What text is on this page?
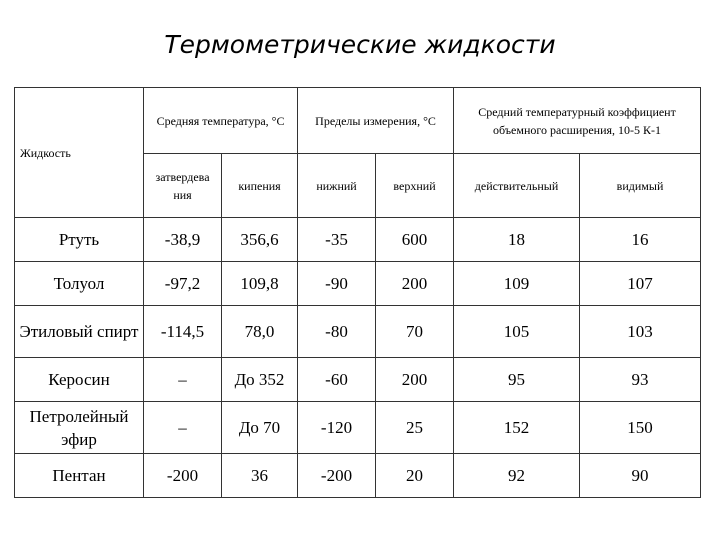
Термометрические жидкости
Жидкость	Средняя температура, °С		Пределы измерения, °С		Средний температурный коэффициент объемного расширения, 10-5 К-1	
	затвердева ния	кипения	нижний	верхний	действительный	видимый
Ртуть	-38,9	356,6	-35	600	18	16
Толуол	-97,2	109,8	-90	200	109	107
Этиловый спирт	-114,5	78,0	-80	70	105	103
Керосин	–	До 352	-60	200	95	93
Петролейный эфир	–	До 70	-120	25	152	150
Пентан	-200	36	-200	20	92	90
